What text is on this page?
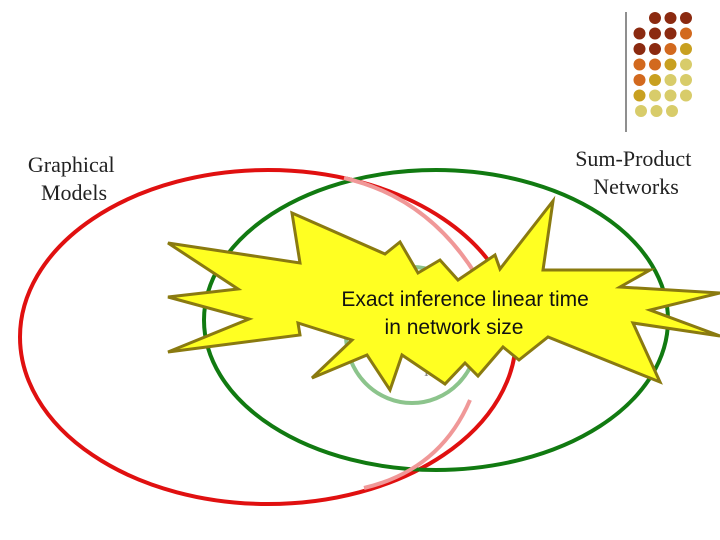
Graphical Models
Sum-Product Networks
Exact inference linear time in network size
